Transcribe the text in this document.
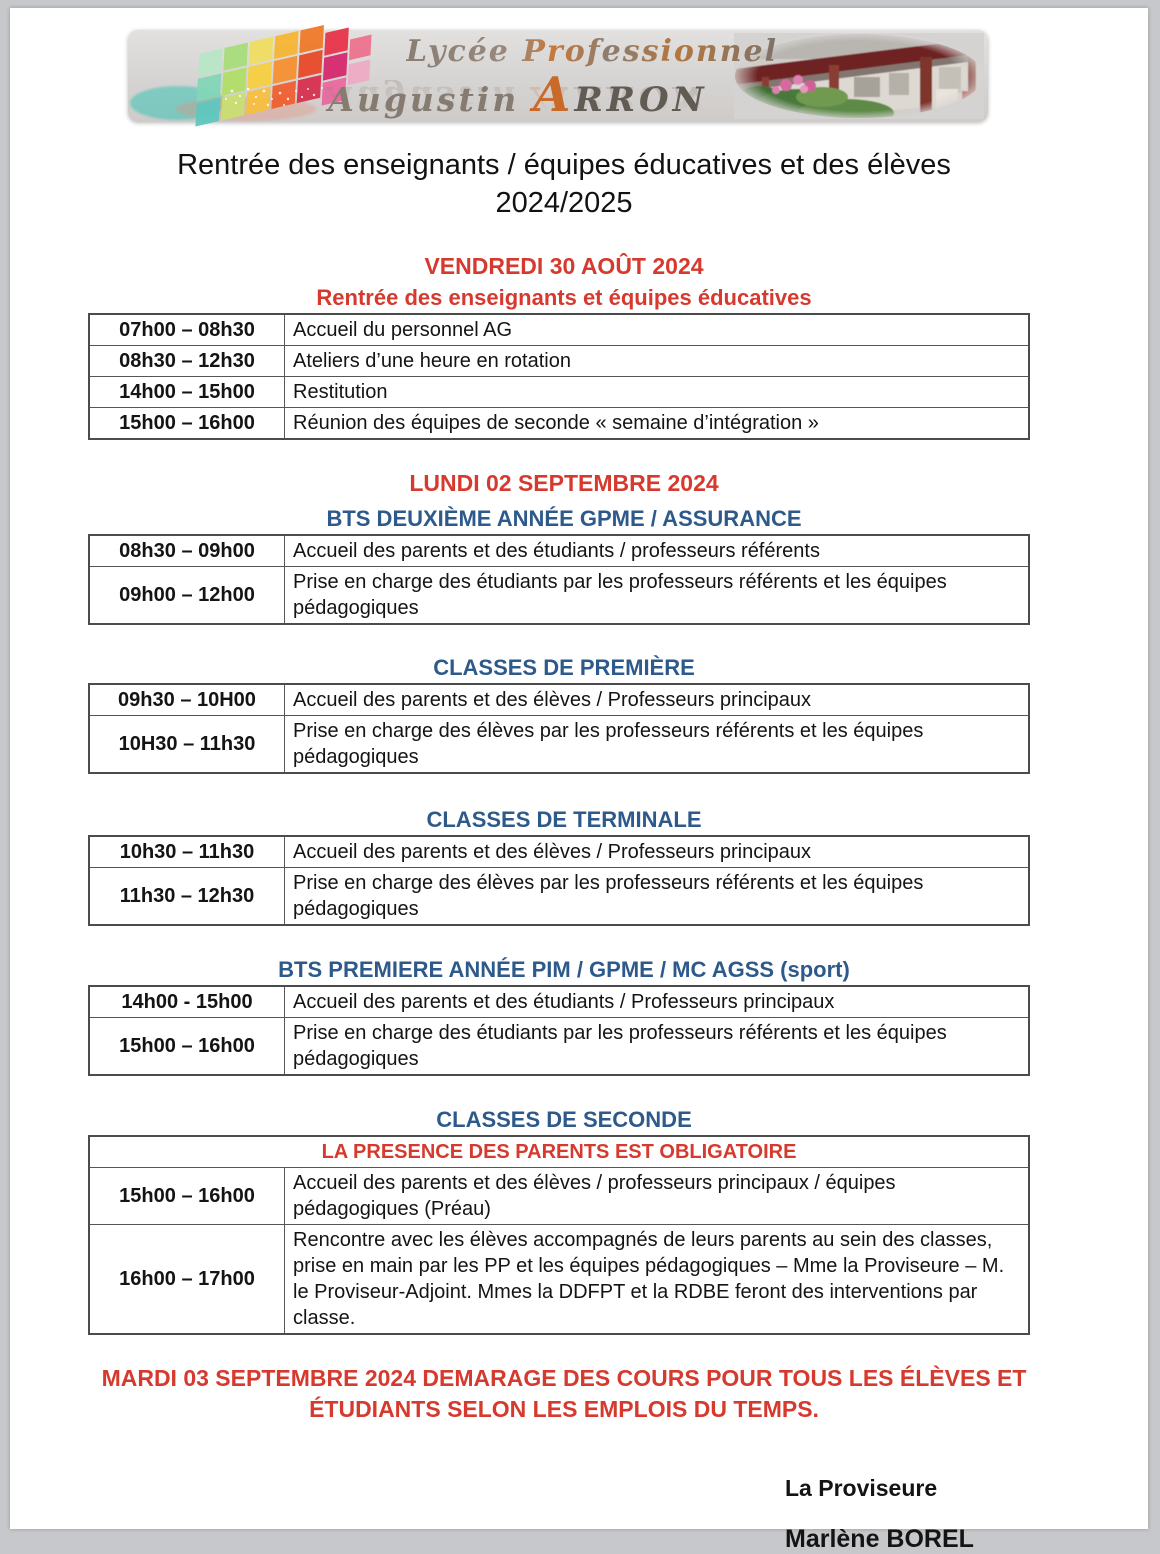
Lycée Professionnel
Augustin ARRON
Rentrée des enseignants / équipes éducatives et des élèves
2024/2025
VENDREDI 30 AOÛT 2024
Rentrée des enseignants et équipes éducatives
07h00 – 08h30	Accueil du personnel AG
08h30 – 12h30	Ateliers d’une heure en rotation
14h00 – 15h00	Restitution
15h00 – 16h00	Réunion des équipes de seconde « semaine d’intégration »
LUNDI 02 SEPTEMBRE 2024
BTS DEUXIÈME ANNÉE GPME / ASSURANCE
08h30 – 09h00	Accueil des parents et des étudiants / professeurs référents
09h00 – 12h00	Prise en charge des étudiants par les professeurs référents et les équipes pédagogiques
CLASSES DE PREMIÈRE
09h30 – 10H00	Accueil des parents et des élèves / Professeurs principaux
10H30 – 11h30	Prise en charge des élèves par les professeurs référents et les équipes pédagogiques
CLASSES DE TERMINALE
10h30 – 11h30	Accueil des parents et des élèves / Professeurs principaux
11h30 – 12h30	Prise en charge des élèves par les professeurs référents et les équipes pédagogiques
BTS PREMIERE ANNÉE PIM / GPME / MC AGSS (sport)
14h00 - 15h00	Accueil des parents et des étudiants / Professeurs principaux
15h00 – 16h00	Prise en charge des étudiants par les professeurs référents et les équipes pédagogiques
CLASSES DE SECONDE
LA PRESENCE DES PARENTS EST OBLIGATOIRE	
15h00 – 16h00	Accueil des parents et des élèves / professeurs principaux / équipes pédagogiques (Préau)
16h00 – 17h00	Rencontre avec les élèves accompagnés de leurs parents au sein des classes, prise en main par les PP et les équipes pédagogiques – Mme la Proviseure – M. le Proviseur-Adjoint. Mmes la DDFPT et la RDBE feront des interventions par classe.
MARDI 03 SEPTEMBRE 2024 DEMARAGE DES COURS POUR TOUS LES ÉLÈVES ET
ÉTUDIANTS SELON LES EMPLOIS DU TEMPS.
La Proviseure
Marlène BOREL
